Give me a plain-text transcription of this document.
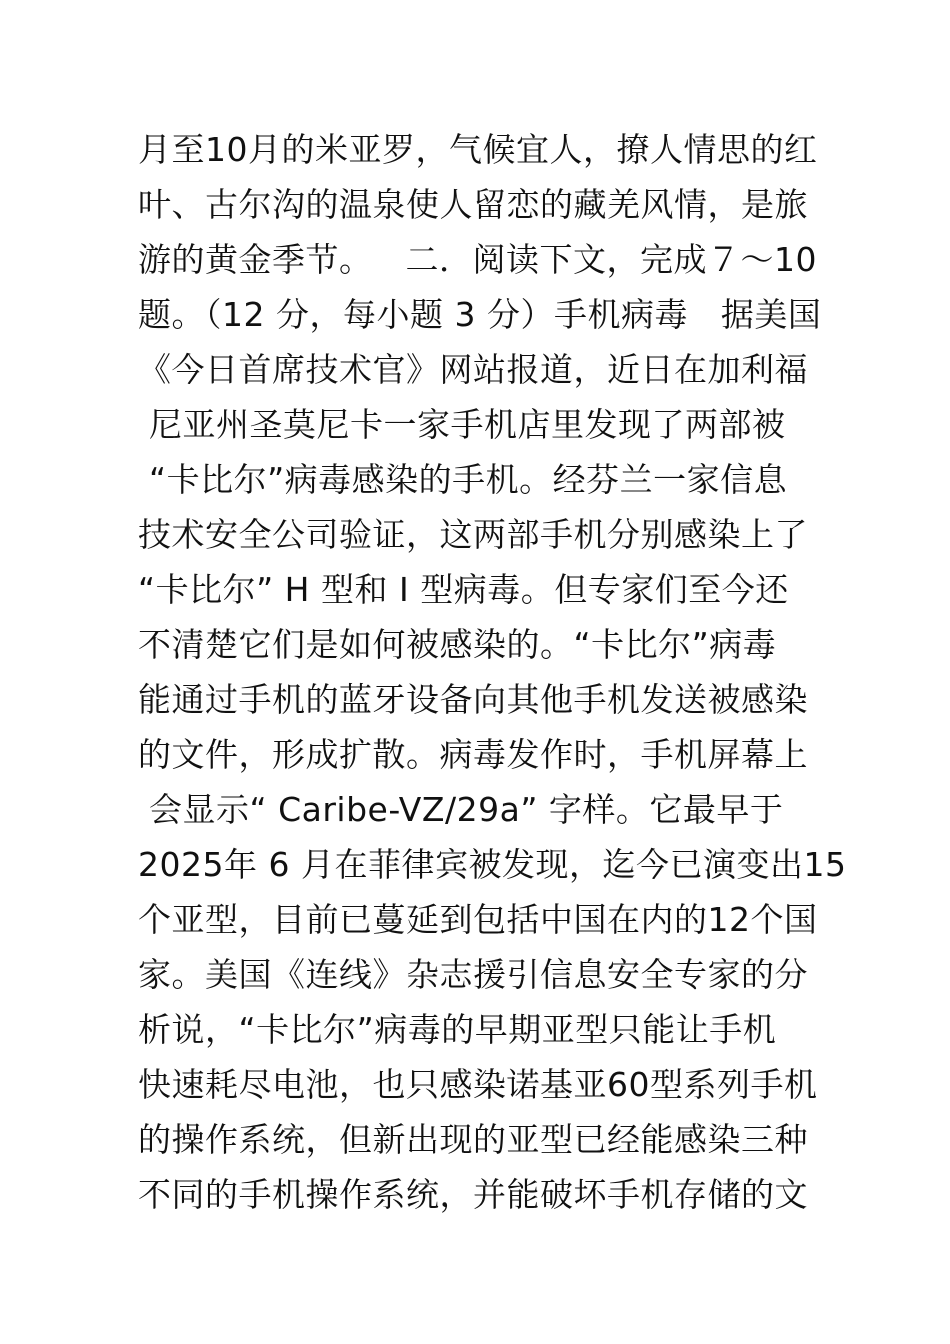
月至10月的米亚罗，气候宜人，撩人情思的红

叶、古尔沟的温泉使人留恋的藏羌风情，是旅

游的黄金季节。   二．阅读下文，完成７～10

题。（12 分，每小题 3 分）手机病毒   据美国

《今日首席技术官》网站报道，近日在加利福

尼亚州圣莫尼卡一家手机店里发现了两部被

“卡比尔”病毒感染的手机。经芬兰一家信息

技术安全公司验证，这两部手机分别感染上了

“卡比尔” H 型和 I 型病毒。但专家们至今还

不清楚它们是如何被感染的。“卡比尔”病毒

能通过手机的蓝牙设备向其他手机发送被感染

的文件，形成扩散。病毒发作时，手机屏幕上

会显示“ Caribe-VZ/29a” 字样。它最早于

2025年 6 月在菲律宾被发现，迄今已演变出15

个亚型，目前已蔓延到包括中国在内的12个国

家。美国《连线》杂志援引信息安全专家的分

析说，“卡比尔”病毒的早期亚型只能让手机

快速耗尽电池，也只感染诺基亚60型系列手机

的操作系统，但新出现的亚型已经能感染三种

不同的手机操作系统，并能破坏手机存储的文
